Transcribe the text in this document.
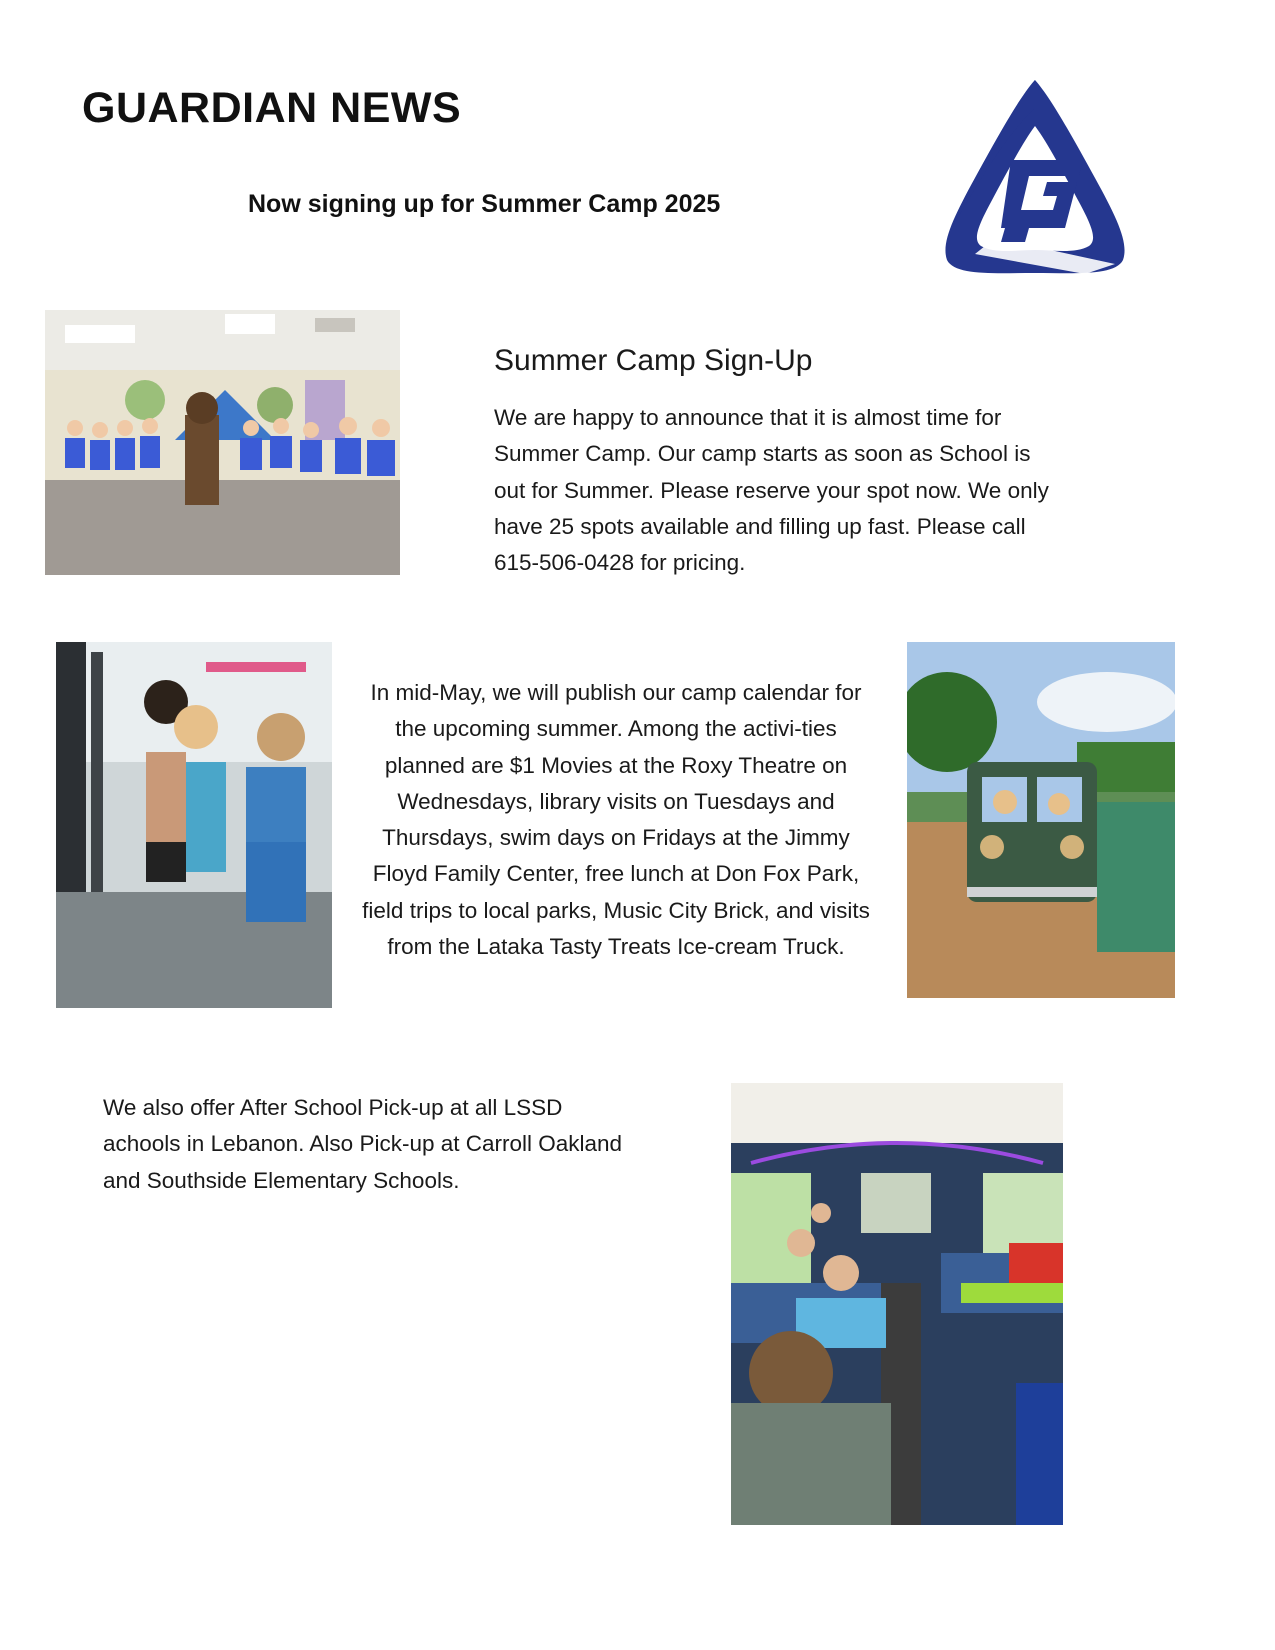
GUARDIAN NEWS
Now signing up for Summer Camp 2025
Summer Camp Sign-Up
We are happy to announce that it is almost time for Summer Camp. Our camp starts as soon as School is out for Summer. Please reserve your spot now. We only have 25 spots available and filling up fast. Please call 615-506-0428 for pricing.
In mid-May, we will publish our camp calendar for the upcoming summer. Among the activi-ties planned are $1 Movies at the Roxy Theatre on Wednesdays, library visits on Tuesdays and Thursdays, swim days on Fridays at the Jimmy Floyd Family Center, free lunch at Don Fox Park, field trips to local parks, Music City Brick, and visits from the Lataka Tasty Treats Ice-cream Truck.
We also offer After School Pick-up at all LSSD achools in Lebanon. Also Pick-up at Carroll Oakland and Southside Elementary Schools.
